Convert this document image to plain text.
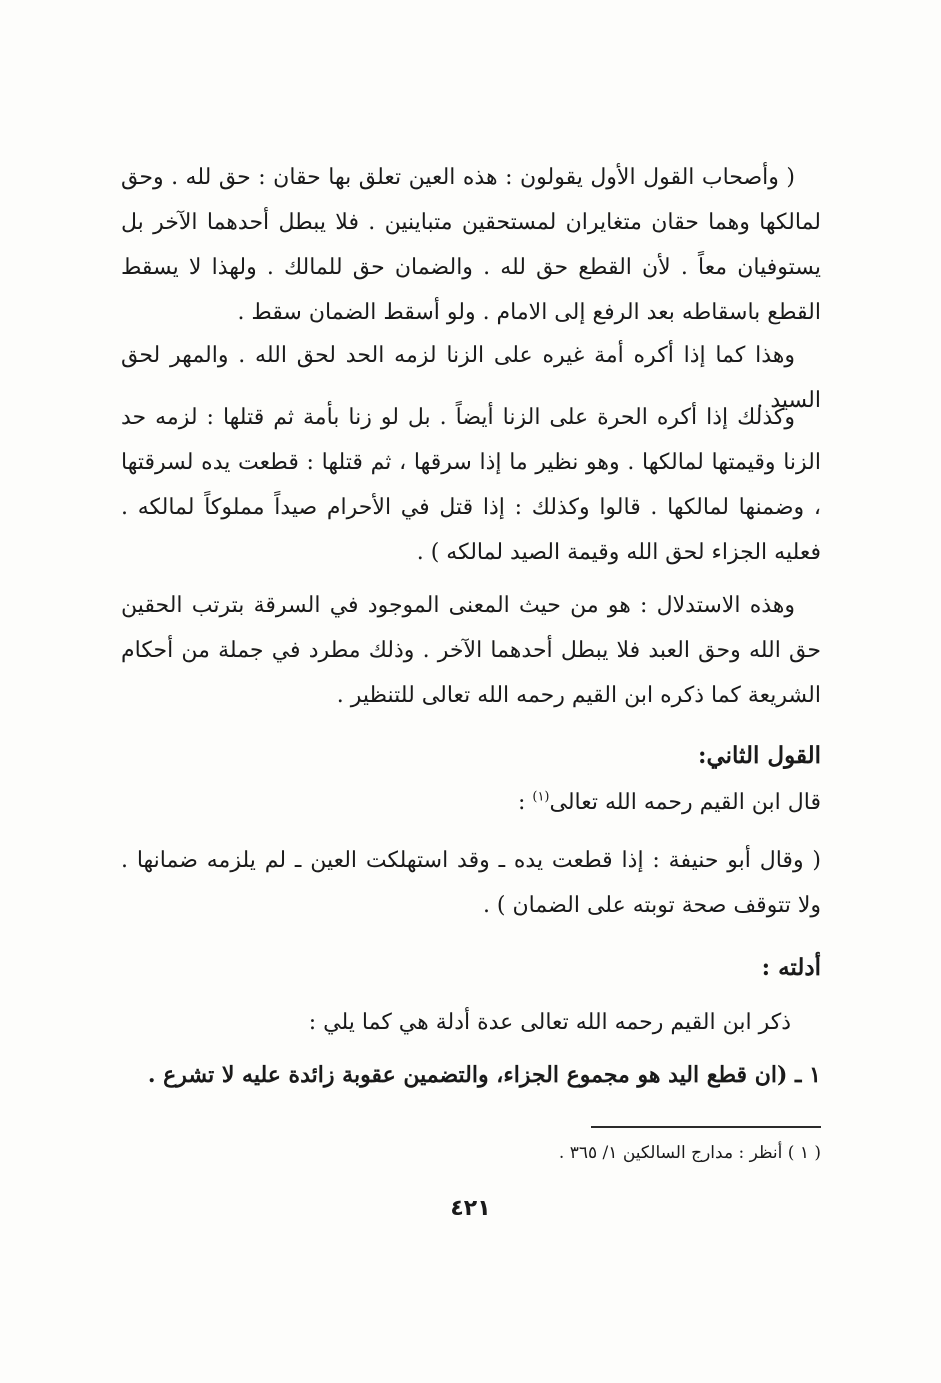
( وأصحاب القول الأول يقولون : هذه العين تعلق بها حقان : حق لله . وحق لمالكها وهما حقان متغايران لمستحقين متباينين . فلا يبطل أحدهما الآخر بل يستوفيان معاً . لأن القطع حق لله . والضمان حق للمالك . ولهذا لا يسقط القطع باسقاطه بعد الرفع إلى الامام . ولو أسقط الضمان سقط .

وهذا كما إذا أكره أمة غيره على الزنا لزمه الحد لحق الله . والمهر لحق السيد .

وكذلك إذا أكره الحرة على الزنا أيضاً . بل لو زنا بأمة ثم قتلها : لزمه حد الزنا وقيمتها لمالكها . وهو نظير ما إذا سرقها ، ثم قتلها : قطعت يده لسرقتها ، وضمنها لمالكها . قالوا وكذلك : إذا قتل في الأحرام صيداً مملوكاً لمالكه . فعليه الجزاء لحق الله وقيمة الصيد لمالكه ) .

وهذه الاستدلال : هو من حيث المعنى الموجود في السرقة بترتب الحقين حق الله وحق العبد فلا يبطل أحدهما الآخر . وذلك مطرد في جملة من أحكام الشريعة كما ذكره ابن القيم رحمه الله تعالى للتنظير .

القول الثاني:

قال ابن القيم رحمه الله تعالى$^{(١)}$ :

( وقال أبو حنيفة : إذا قطعت يده ـ وقد استهلكت العين ـ لم يلزمه ضمانها . ولا تتوقف صحة توبته على الضمان ) .

أدلته :

ذكر ابن القيم رحمه الله تعالى عدة أدلة هي كما يلي :

١ ـ (ان قطع اليد هو مجموع الجزاء، والتضمين عقوبة زائدة عليه لا تشرع .

( ١ ) أنظر : مدارج السالكين ١/ ٣٦٥ .
٤٢١
